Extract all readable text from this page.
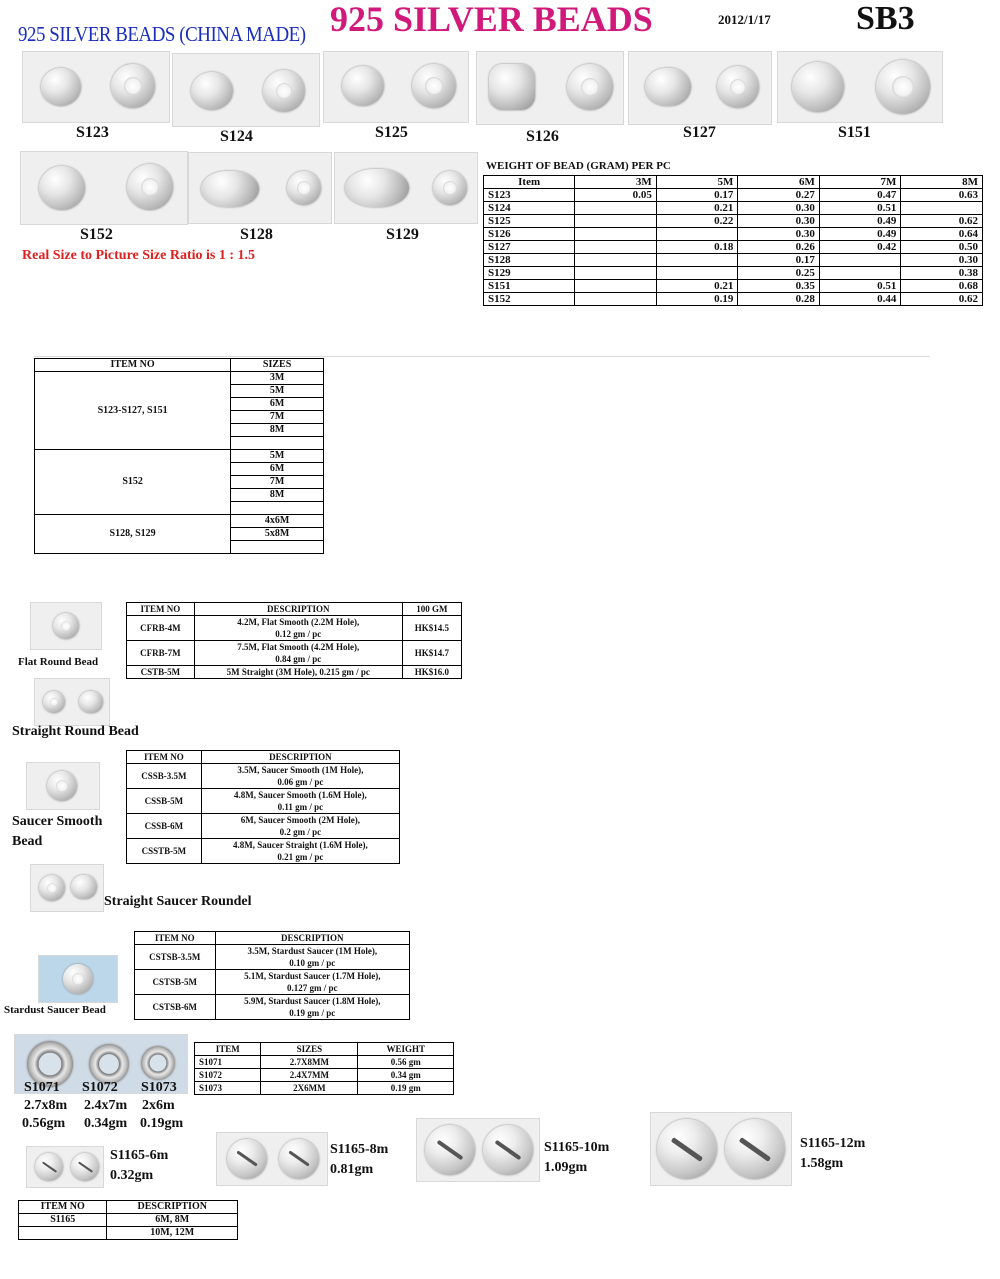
925 SILVER BEADS (CHINA MADE) 925 SILVER BEADS	2012/1/17	SB3
S123	S124	S125	S126	S127	S151
S152	S128	S129
Real Size to Picture Size Ratio is 1 : 1.5
WEIGHT OF BEAD (GRAM) PER PC
Item	3M	5M	6M	7M	8M
S123	0.05	0.17	0.27	0.47	0.63
S124		0.21	0.30	0.51	
S125		0.22	0.30	0.49	0.62
S126			0.30	0.49	0.64
S127		0.18	0.26	0.42	0.50
S128			0.17		0.30
S129			0.25		0.38
S151		0.21	0.35	0.51	0.68
S152		0.19	0.28	0.44	0.62
ITEM NO	SIZES
S123-S127, S151	3M
	5M
	6M
	7M
	8M

S152	5M
	6M
	7M
	8M

S128, S129	4x6M
	5x8M

Flat Round Bead
Straight Round Bead
ITEM NO	DESCRIPTION	100 GM
CFRB-4M	4.2M, Flat Smooth (2.2M Hole),
0.12 gm / pc	HK$14.5
CFRB-7M	7.5M, Flat Smooth (4.2M Hole),
0.84 gm / pc	HK$14.7
CSTB-5M	5M Straight (3M Hole), 0.215 gm / pc	HK$16.0
Saucer Smooth Bead
Straight Saucer Roundel
ITEM NO	DESCRIPTION
CSSB-3.5M	3.5M, Saucer Smooth (1M Hole),
0.06 gm / pc

CSSB-5M	4.8M, Saucer Smooth (1.6M Hole),
0.11 gm / pc

CSSB-6M	6M, Saucer Smooth (2M Hole),
0.2 gm / pc

CSSTB-5M	4.8M, Saucer Straight (1.6M Hole),
0.21 gm / pc
Stardust Saucer Bead
ITEM NO	DESCRIPTION
CSTSB-3.5M	3.5M, Stardust Saucer (1M Hole),
0.10 gm / pc

CSTSB-5M	5.1M, Stardust Saucer (1.7M Hole),
0.127 gm / pc

CSTSB-6M	5.9M, Stardust Saucer (1.8M Hole),
0.19 gm / pc
S1071 S1072 S1073
2.7x8m 2.4x7m 2x6m
0.56gm 0.34gm 0.19gm
ITEM	SIZES	WEIGHT
S1071	2.7X8MM	0.56 gm
S1072	2.4X7MM	0.34 gm
S1073	2X6MM	0.19 gm
S1165-6m
0.32gm
S1165-8m
0.81gm
S1165-10m
1.09gm
S1165-12m
1.58gm
ITEM NO	DESCRIPTION
S1165	6M, 8M
	10M, 12M
